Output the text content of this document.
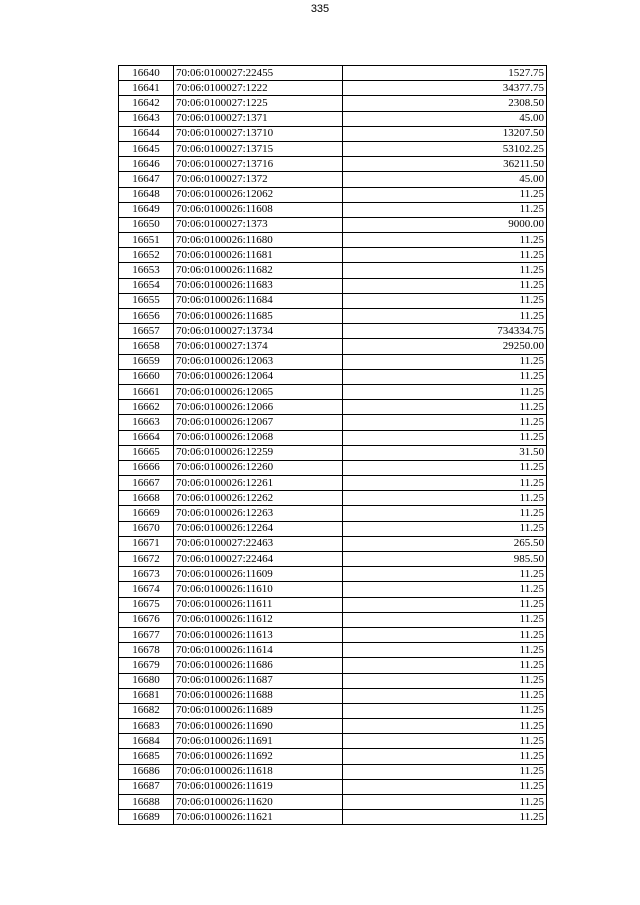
335
16640	70:06:0100027:22455	1527.75
16641	70:06:0100027:1222	34377.75
16642	70:06:0100027:1225	2308.50
16643	70:06:0100027:1371	45.00
16644	70:06:0100027:13710	13207.50
16645	70:06:0100027:13715	53102.25
16646	70:06:0100027:13716	36211.50
16647	70:06:0100027:1372	45.00
16648	70:06:0100026:12062	11.25
16649	70:06:0100026:11608	11.25
16650	70:06:0100027:1373	9000.00
16651	70:06:0100026:11680	11.25
16652	70:06:0100026:11681	11.25
16653	70:06:0100026:11682	11.25
16654	70:06:0100026:11683	11.25
16655	70:06:0100026:11684	11.25
16656	70:06:0100026:11685	11.25
16657	70:06:0100027:13734	734334.75
16658	70:06:0100027:1374	29250.00
16659	70:06:0100026:12063	11.25
16660	70:06:0100026:12064	11.25
16661	70:06:0100026:12065	11.25
16662	70:06:0100026:12066	11.25
16663	70:06:0100026:12067	11.25
16664	70:06:0100026:12068	11.25
16665	70:06:0100026:12259	31.50
16666	70:06:0100026:12260	11.25
16667	70:06:0100026:12261	11.25
16668	70:06:0100026:12262	11.25
16669	70:06:0100026:12263	11.25
16670	70:06:0100026:12264	11.25
16671	70:06:0100027:22463	265.50
16672	70:06:0100027:22464	985.50
16673	70:06:0100026:11609	11.25
16674	70:06:0100026:11610	11.25
16675	70:06:0100026:11611	11.25
16676	70:06:0100026:11612	11.25
16677	70:06:0100026:11613	11.25
16678	70:06:0100026:11614	11.25
16679	70:06:0100026:11686	11.25
16680	70:06:0100026:11687	11.25
16681	70:06:0100026:11688	11.25
16682	70:06:0100026:11689	11.25
16683	70:06:0100026:11690	11.25
16684	70:06:0100026:11691	11.25
16685	70:06:0100026:11692	11.25
16686	70:06:0100026:11618	11.25
16687	70:06:0100026:11619	11.25
16688	70:06:0100026:11620	11.25
16689	70:06:0100026:11621	11.25
